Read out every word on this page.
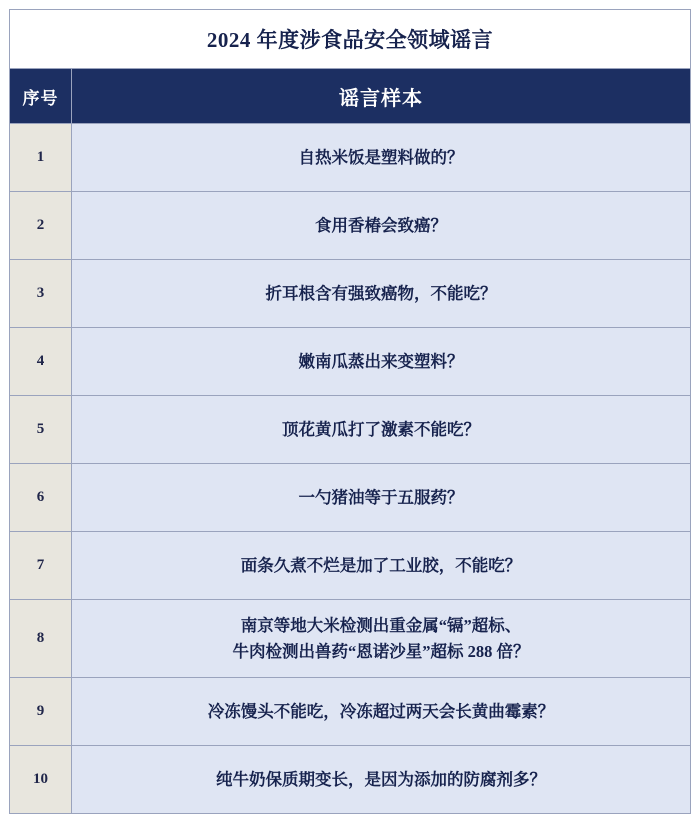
2024 年度涉食品安全领域谣言	
序号	谣言样本
1	自热米饭是塑料做的？

2	食用香椿会致癌？

3	折耳根含有强致癌物，不能吃？

4	嫩南瓜蒸出来变塑料？

5	顶花黄瓜打了激素不能吃？

6	一勺猪油等于五服药？

7	面条久煮不烂是加了工业胶，不能吃？

8	南京等地大米检测出重金属“镉”超标、
牛肉检测出兽药“恩诺沙星”超标 288 倍？

9	冷冻馒头不能吃，冷冻超过两天会长黄曲霉素？

10	纯牛奶保质期变长，是因为添加的防腐剂多？
